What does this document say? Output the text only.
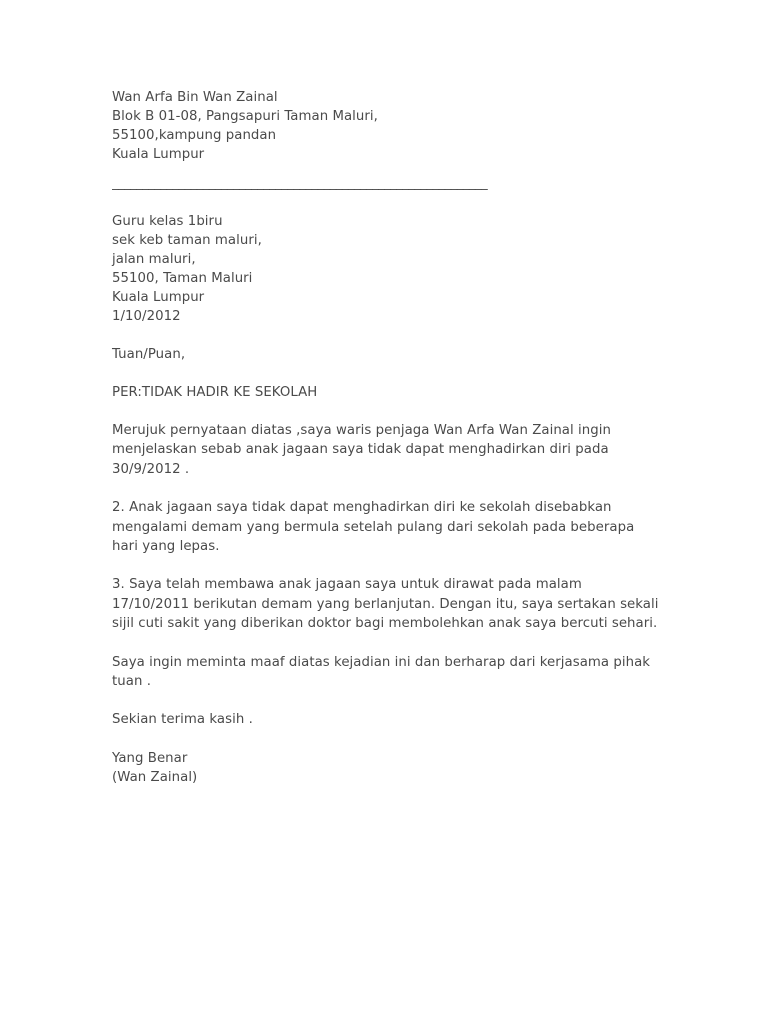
Wan Arfa Bin Wan Zainal
Blok B 01-08, Pangsapuri Taman Maluri,
55100,kampung pandan
Kuala Lumpur
______________________________________________________________
Guru kelas 1biru
sek keb taman maluri,
jalan maluri,
55100, Taman Maluri
Kuala Lumpur
1/10/2012
Tuan/Puan,
PER:TIDAK HADIR KE SEKOLAH

Merujuk pernyataan diatas ,saya waris penjaga Wan Arfa Wan Zainal ingin menjelaskan sebab anak jagaan saya tidak dapat menghadirkan diri pada 30/9/2012 .

2. Anak jagaan saya tidak dapat menghadirkan diri ke sekolah disebabkan mengalami demam yang bermula setelah pulang dari sekolah pada beberapa hari yang lepas.

3. Saya telah membawa anak jagaan saya untuk dirawat pada malam 17/10/2011 berikutan demam yang berlanjutan. Dengan itu, saya sertakan sekali sijil cuti sakit yang diberikan doktor bagi membolehkan anak saya bercuti sehari.

Saya ingin meminta maaf diatas kejadian ini dan berharap dari kerjasama pihak tuan .

Sekian terima kasih .

Yang Benar
(Wan Zainal)
